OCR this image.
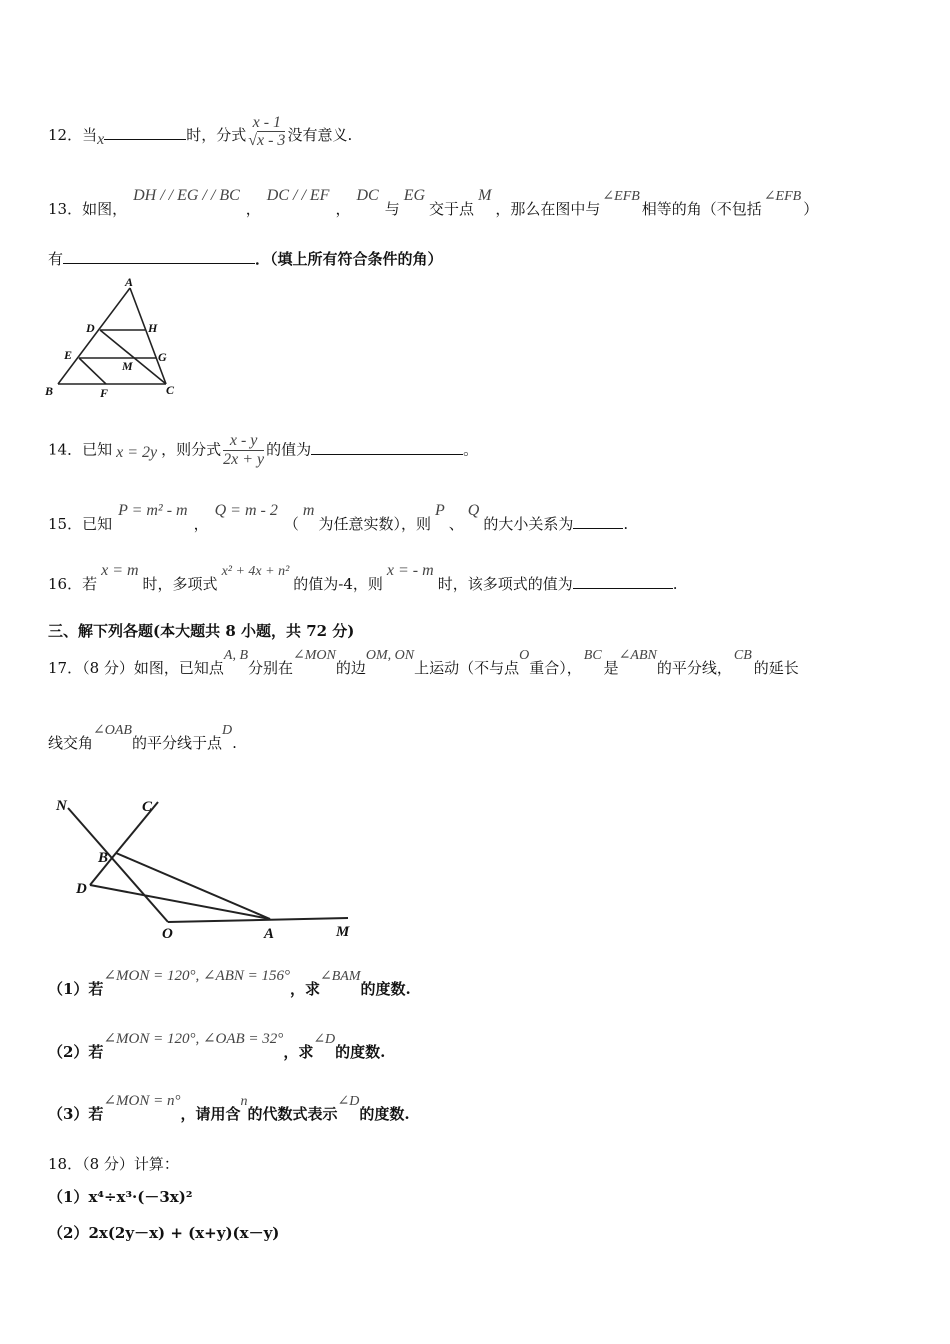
12．当x	时，分式
x - 1
√x - 3 没有意义.
13．如图，DH / / EG / / BC，DC / / EF，DC与EG交于点M，那么在图中与∠EFB相等的角（不包括∠EFB）
有	．（填上所有符合条件的角）
A
D	H
E	G
M
B	F	C
14．已知 x = 2y ，则分式 $\frac{x - y}{2x + y}$ 的值为	。
15．已知P = m² - m，Q = m - 2（m为任意实数），则P、Q的大小关系为	.
16．若x = m时，多项式x² + 4x + n²的值为-4，则x = - m时，该多项式的值为	.
三、解下列各题(本大题共 8 小题，共 72 分)
17．（8 分）如图，已知点A, B分别在∠MON的边OM, ON上运动（不与点O重合），BC是∠ABN的平分线，CB的延长
线交角∠OAB的平分线于点D.
N	C
B
D
O	A	M
（1）若∠MON = 120°, ∠ABN = 156°，求∠BAM的度数.
（2）若∠MON = 120°, ∠OAB = 32°，求∠D的度数.
（3）若∠MON = n°，请用含n的代数式表示∠D的度数.
18．（8 分）计算：
（1）x⁴÷x³·(－3x)²
（2）2x(2y－x) + (x+y)(x－y)
